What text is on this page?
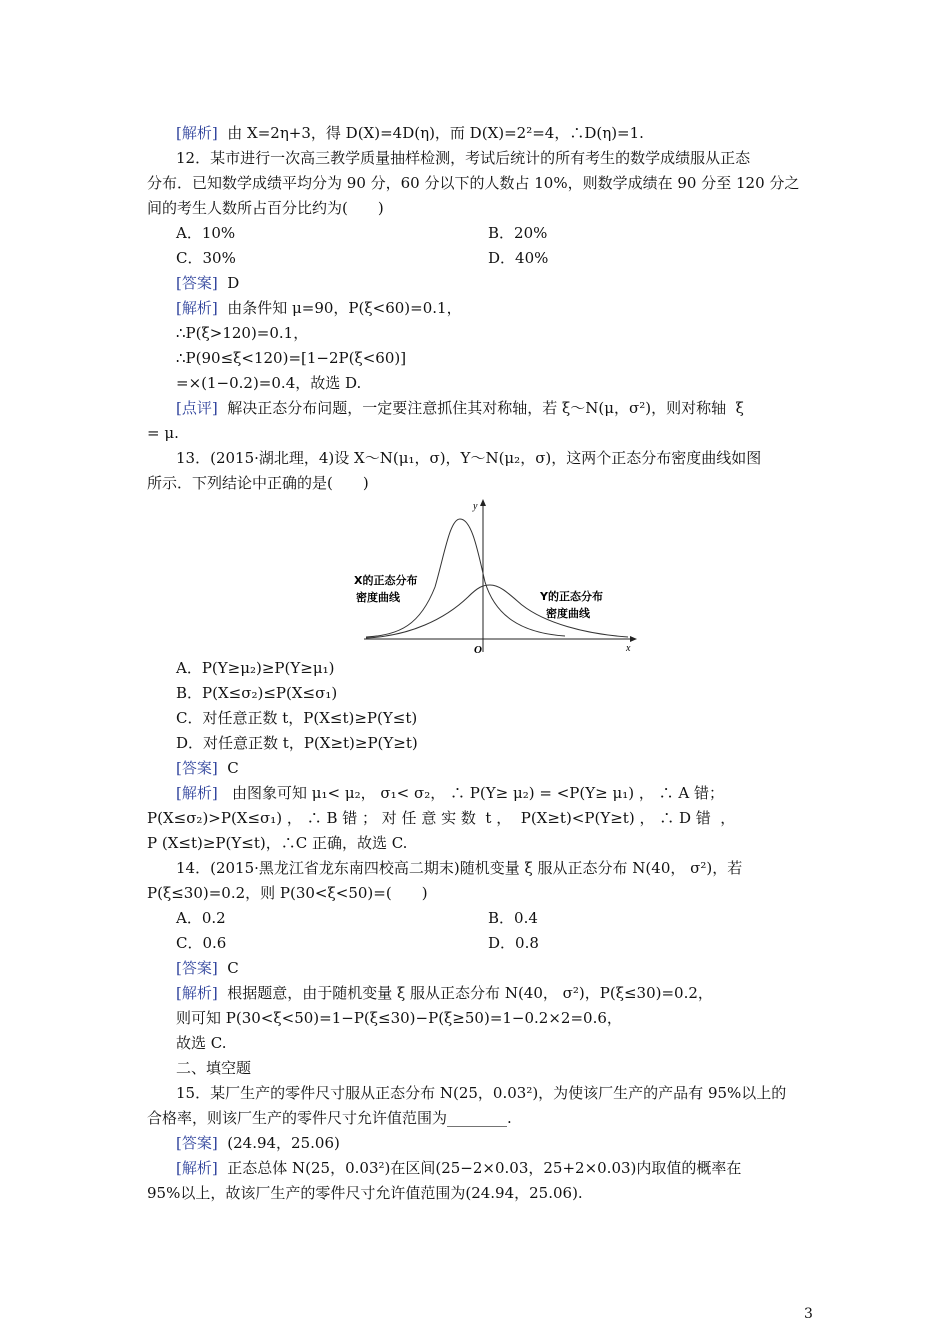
[解析]  由 X=2η+3，得 D(X)=4D(η)，而 D(X)=2²=4，∴D(η)=1.
12．某市进行一次高三教学质量抽样检测，考试后统计的所有考生的数学成绩服从正态
分布．已知数学成绩平均分为 90 分，60 分以下的人数占 10%，则数学成绩在 90 分至 120 分之
间的考生人数所占百分比约为(　　)
A．10%	B．20%
C．30%	D．40%
[答案]  D
[解析]  由条件知 μ=90，P(ξ<60)=0.1，
∴P(ξ>120)=0.1，
∴P(90≤ξ<120)=[1−2P(ξ<60)]
=×(1−0.2)=0.4，故选 D.
[点评]  解决正态分布问题，一定要注意抓住其对称轴，若 ξ～N(μ，σ²)，则对称轴  ξ
= μ.
13．(2015·湖北理，4)设 X～N(μ₁，σ)，Y～N(μ₂，σ)，这两个正态分布密度曲线如图
所示．下列结论中正确的是(　　)
y
x
O
X的正态分布
密度曲线	Y的正态分布
密度曲线
A．P(Y≥μ₂)≥P(Y≥μ₁)
B．P(X≤σ₂)≤P(X≤σ₁)
C．对任意正数 t，P(X≤t)≥P(Y≤t)
D．对任意正数 t，P(X≥t)≥P(Y≥t)
[答案]  C
[解析]   由图象可知 μ₁< μ₂， σ₁< σ₂， ∴ P(Y≥ μ₂) = <P(Y≥ μ₁) ， ∴ A 错；
P(X≤σ₂)>P(X≤σ₁) ， ∴ B 错 ； 对 任 意 实 数  t ，  P(X≥t)<P(Y≥t) ， ∴ D 错  ，
P (X≤t)≥P(Y≤t)，∴C 正确，故选 C.
14．(2015·黑龙江省龙东南四校高二期末)随机变量 ξ 服从正态分布 N(40， σ²)，若
P(ξ≤30)=0.2，则 P(30<ξ<50)=(　　)
A．0.2	B．0.4
C．0.6	D．0.8
[答案]  C
[解析]  根据题意，由于随机变量 ξ 服从正态分布 N(40， σ²)，P(ξ≤30)=0.2，
则可知 P(30<ξ<50)=1−P(ξ≤30)−P(ξ≥50)=1−0.2×2=0.6，
故选 C.
二、填空题
15．某厂生产的零件尺寸服从正态分布 N(25，0.03²)，为使该厂生产的产品有 95%以上的
合格率，则该厂生产的零件尺寸允许值范围为________.
[答案]  (24.94，25.06)
[解析]  正态总体 N(25，0.03²)在区间(25−2×0.03，25+2×0.03)内取值的概率在
95%以上，故该厂生产的零件尺寸允许值范围为(24.94，25.06).
3
